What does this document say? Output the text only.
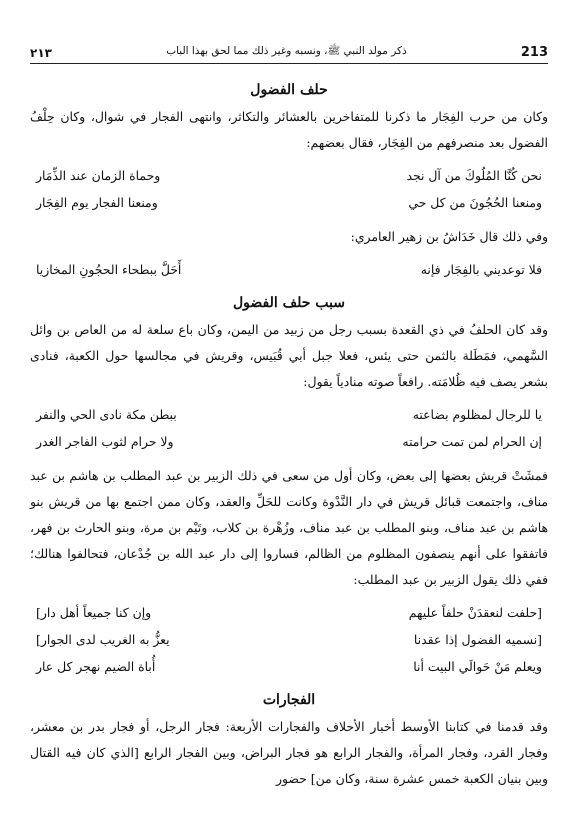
213
ذكر مولد النبي ﷺ، ونسبه وغير ذلك مما لحق بهذا الباب
٢١٣
حلف الفضول

وكان من حرب الفِجَار ما ذكرنا للمتفاخرين بالعشائر والتكاثر، وانتهى الفجار في شوال، وكان حِلْفُ الفضول بعد منصرفهم من الفِجَار، فقال بعضهم:

نحن كُنَّا المُلُوكَ من آل نجد
وحماة الزمان عند الذِّمَار
ومنعنا الحُجُونَ من كل حي
ومنعنا الفجار يوم الفِجَار

وفي ذلك قال خَدَاشُ بن زهير العامري:

فلا توعديني بالفِجَار فإنه
أَحَلَّ ببطحاء الحجُونِ المخازيا
سبب حلف الفضول

وقد كان الحلفُ في ذي القعدة بسبب رجل من زبيد من اليمن، وكان باع سلعة له من العاص بن وائل السَّهمي، فمَطَلة بالثمن حتى يئس، فعلا جبل أبي قُبَيس، وقريش في مجالسها حول الكعبة، فنادى بشعر يصف فيه ظُلامَته. رافعاً صوته منادياً يقول:

يا للرجال لمظلوم بضاعته
ببطن مكة نادى الحي والنفر
إن الحرام لمن تمت حرامته
ولا حرام لثوب الفاجر الغدر

فمشَتْ قريش بعضها إلى بعض، وكان أول من سعى في ذلك الزبير بن عبد المطلب بن هاشم بن عبد مناف، واجتمعت قبائل قريش في دار النَّدْوة وكانت للحَلِّ والعقد، وكان ممن اجتمع بها من قريش بنو هاشم بن عبد مناف، وبنو المطلب بن عبد مناف، وزُهْرة بن كلاب، وتَيْم بن مرة، وبنو الحارث بن فهر، فاتفقوا على أنهم ينصفون المظلوم من الظالم، فساروا إلى دار عبد الله بن جُدْعان، فتحالفوا هنالك؛ ففي ذلك يقول الزبير بن عبد المطلب:

[حلفت لنعقدَنْ حلفاً عليهم
وإن كنا جميعاً أهل دار]
[نسميه الفضول إذا عقدنا
يعزُّ به الغريب لدى الجوار]
ويعلم مَنْ حَوالَي البيت أنا
أُباة الضيم نهجر كل عار
الفجارات

وقد قدمنا في كتابنا الأوسط أخبار الأحلاف والفجارات الأربعة: فجار الرجل، أو فجار بدر بن معشر، وفجار القرد، وفجار المرأة، والفجار الرابع هو فجار البراض، وبين الفجار الرابع [الذي كان فيه القتال وبين بنيان الكعبة خمس عشرة سنة، وكان من] حضور
